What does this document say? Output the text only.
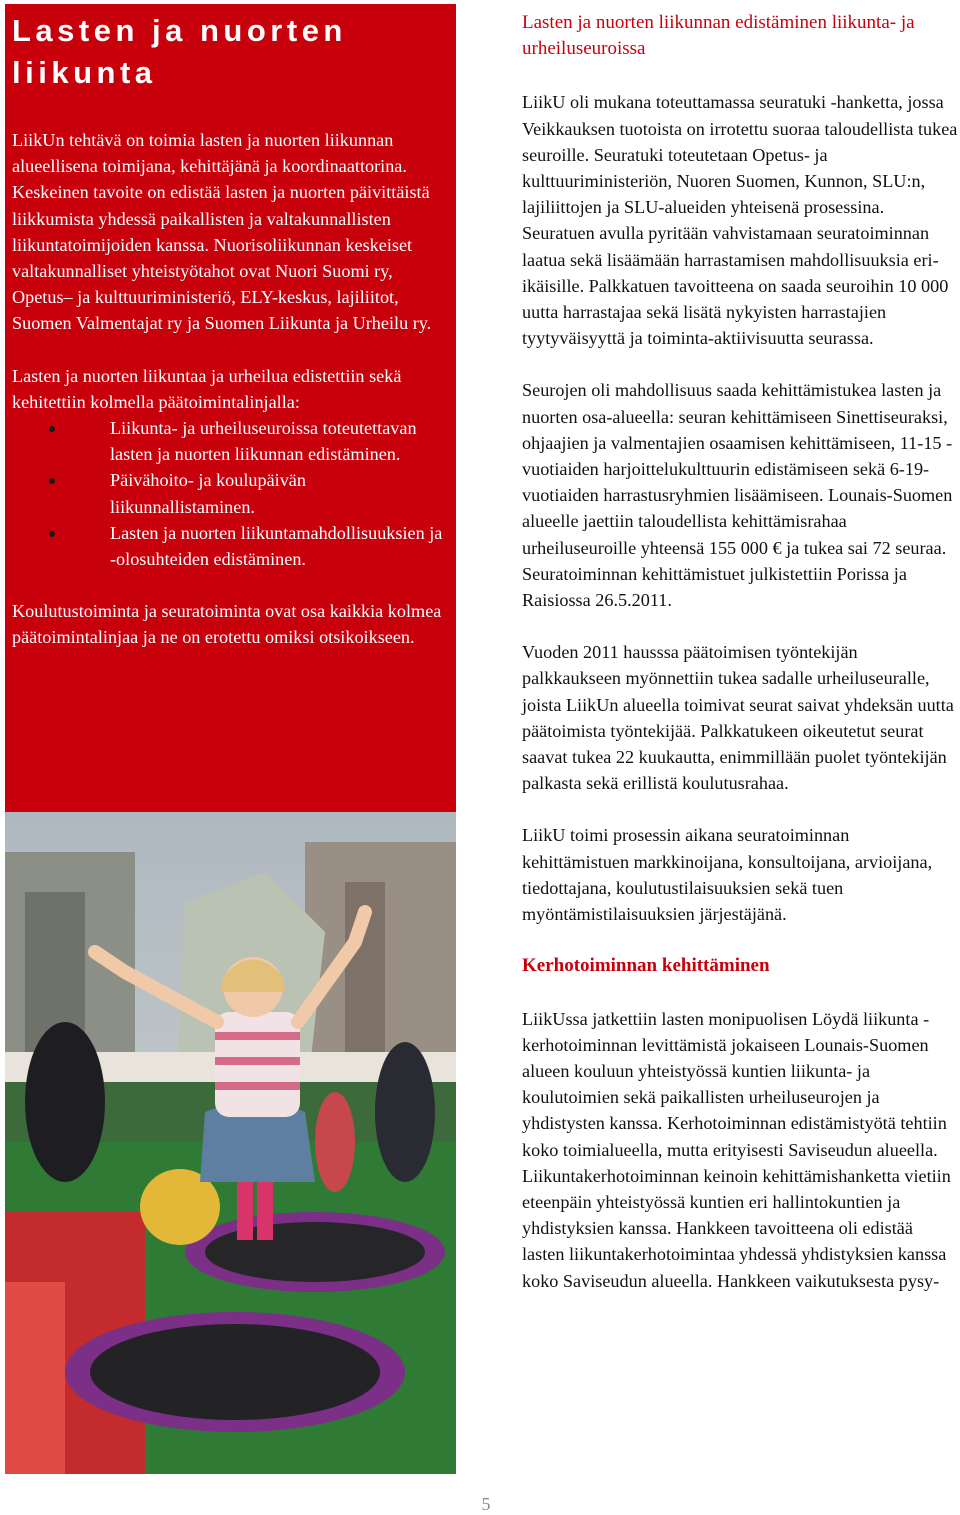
Lasten ja nuorten
liikunta

LiikUn tehtävä on toimia lasten ja nuorten liikunnan alueellisena toimijana, kehittäjänä ja koordinaattorina. Keskeinen tavoite on edistää lasten ja nuorten päivittäistä liikkumista yhdessä paikallisten ja valtakunnallisten liikuntatoimijoiden kanssa. Nuorisoliikunnan keskeiset valtakunnalliset yhteistyötahot ovat Nuori Suomi ry, Opetus– ja kulttuuriministeriö, ELY-keskus, lajiliitot, Suomen Valmentajat ry ja Suomen Liikunta ja Urheilu ry.

Lasten ja nuorten liikuntaa ja urheilua edistettiin sekä kehitettiin kolmella päätoimintalinjalla:

Liikunta- ja urheiluseuroissa toteutettavan lasten ja nuorten liikunnan edistäminen.
Päivähoito- ja koulupäivän liikunnallistaminen.
Lasten ja nuorten liikuntamahdollisuuksien ja -olosuhteiden edistäminen.

Koulutustoiminta ja seuratoiminta ovat osa kaikkia kolmea päätoimintalinjaa ja ne on erotettu omiksi otsikoikseen.

Lasten ja nuorten liikunnan edistäminen liikunta- ja urheiluseuroissa

LiikU oli mukana toteuttamassa seuratuki -hanketta, jossa Veikkauksen tuotoista on irrotettu suoraa taloudellista tukea seuroille. Seuratuki toteutetaan Opetus- ja kulttuuriministeriön, Nuoren Suomen, Kunnon, SLU:n, lajiliittojen ja SLU-alueiden yhteisenä prosessina. Seuratuen avulla pyritään vahvistamaan seuratoiminnan laatua sekä lisäämään harrastamisen mahdollisuuksia eri-ikäisille. Palkkatuen tavoitteena on saada seuroihin 10 000 uutta harrastajaa sekä lisätä nykyisten harrastajien tyytyväisyyttä ja toiminta-aktiivisuutta seurassa.

Seurojen oli mahdollisuus saada kehittämistukea lasten ja nuorten osa-alueella: seuran kehittämiseen Sinettiseuraksi, ohjaajien ja valmentajien osaamisen kehittämiseen, 11-15 -vuotiaiden harjoittelukulttuurin edistämiseen sekä 6-19-vuotiaiden harrastusryhmien lisäämiseen. Lounais-Suomen alueelle jaettiin taloudellista kehittämisrahaa urheiluseuroille yhteensä 155 000 € ja tukea sai 72 seuraa. Seuratoiminnan kehittämistuet julkistettiin Porissa ja Raisiossa 26.5.2011.

Vuoden 2011 hausssa päätoimisen työntekijän palkkaukseen myönnettiin tukea sadalle urheiluseuralle, joista LiikUn alueella toimivat seurat saivat yhdeksän uutta päätoimista työntekijää. Palkkatukeen oikeutetut seurat saavat tukea 22 kuukautta, enimmillään puolet työntekijän palkasta sekä erillistä koulutusrahaa.

LiikU toimi prosessin aikana seuratoiminnan kehittämistuen markkinoijana, konsultoijana, arvioijana, tiedottajana, koulutustilaisuuksien sekä tuen myöntämistilaisuuksien järjestäjänä.

Kerhotoiminnan kehittäminen

LiikUssa jatkettiin lasten monipuolisen Löydä liikunta -kerhotoiminnan levittämistä jokaiseen Lounais-Suomen alueen kouluun yhteistyössä kuntien liikunta- ja koulutoimien sekä paikallisten urheiluseurojen ja yhdistysten kanssa. Kerhotoiminnan edistämistyötä tehtiin koko toimialueella, mutta erityisesti Saviseudun alueella. Liikuntakerhotoiminnan keinoin kehittämishanketta vietiin eteenpäin yhteistyössä kuntien eri hallintokuntien ja yhdistyksien kanssa. Hankkeen tavoitteena oli edistää lasten liikuntakerhotoimintaa yhdessä yhdistyksien kanssa koko Saviseudun alueella. Hankkeen vaikutuksesta pysy-

5
